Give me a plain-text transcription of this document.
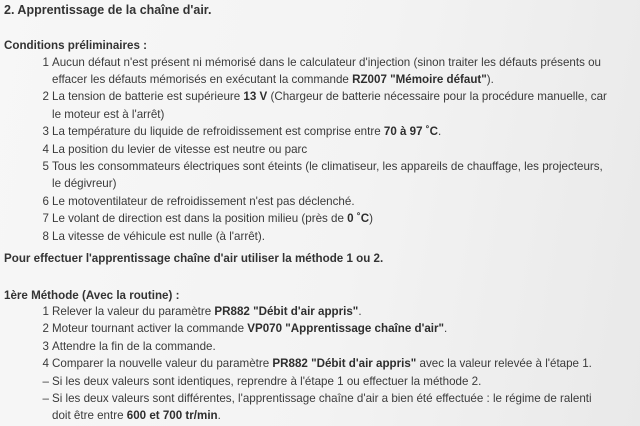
2. Apprentissage de la chaîne d'air.
Conditions préliminaires :
1 Aucun défaut n'est présent ni mémorisé dans le calculateur d'injection (sinon traiter les défauts présents ou
effacer les défauts mémorisés en exécutant la commande RZ007 "Mémoire défaut").
2 La tension de batterie est supérieure 13 V (Chargeur de batterie nécessaire pour la procédure manuelle, car
le moteur est à l'arrêt)
3 La température du liquide de refroidissement est comprise entre 70 à 97 ˚C.
4 La position du levier de vitesse est neutre ou parc
5 Tous les consommateurs électriques sont éteints (le climatiseur, les appareils de chauffage, les projecteurs,
le dégivreur)
6 Le motoventilateur de refroidissement n'est pas déclenché.
7 Le volant de direction est dans la position milieu (près de 0 ˚C)
8 La vitesse de véhicule est nulle (à l'arrêt).
Pour effectuer l'apprentissage chaîne d'air utiliser la méthode 1 ou 2.
1ère Méthode (Avec la routine) :
1 Relever la valeur du paramètre PR882 "Débit d'air appris".
2 Moteur tournant activer la commande VP070 "Apprentissage chaîne d'air".
3 Attendre la fin de la commande.
4 Comparer la nouvelle valeur du paramètre PR882 "Débit d'air appris" avec la valeur relevée à l'étape 1.
– Si les deux valeurs sont identiques, reprendre à l'étape 1 ou effectuer la méthode 2.
– Si les deux valeurs sont différentes, l'apprentissage chaîne d'air a bien été effectuée : le régime de ralenti
doit être entre 600 et 700 tr/min.
